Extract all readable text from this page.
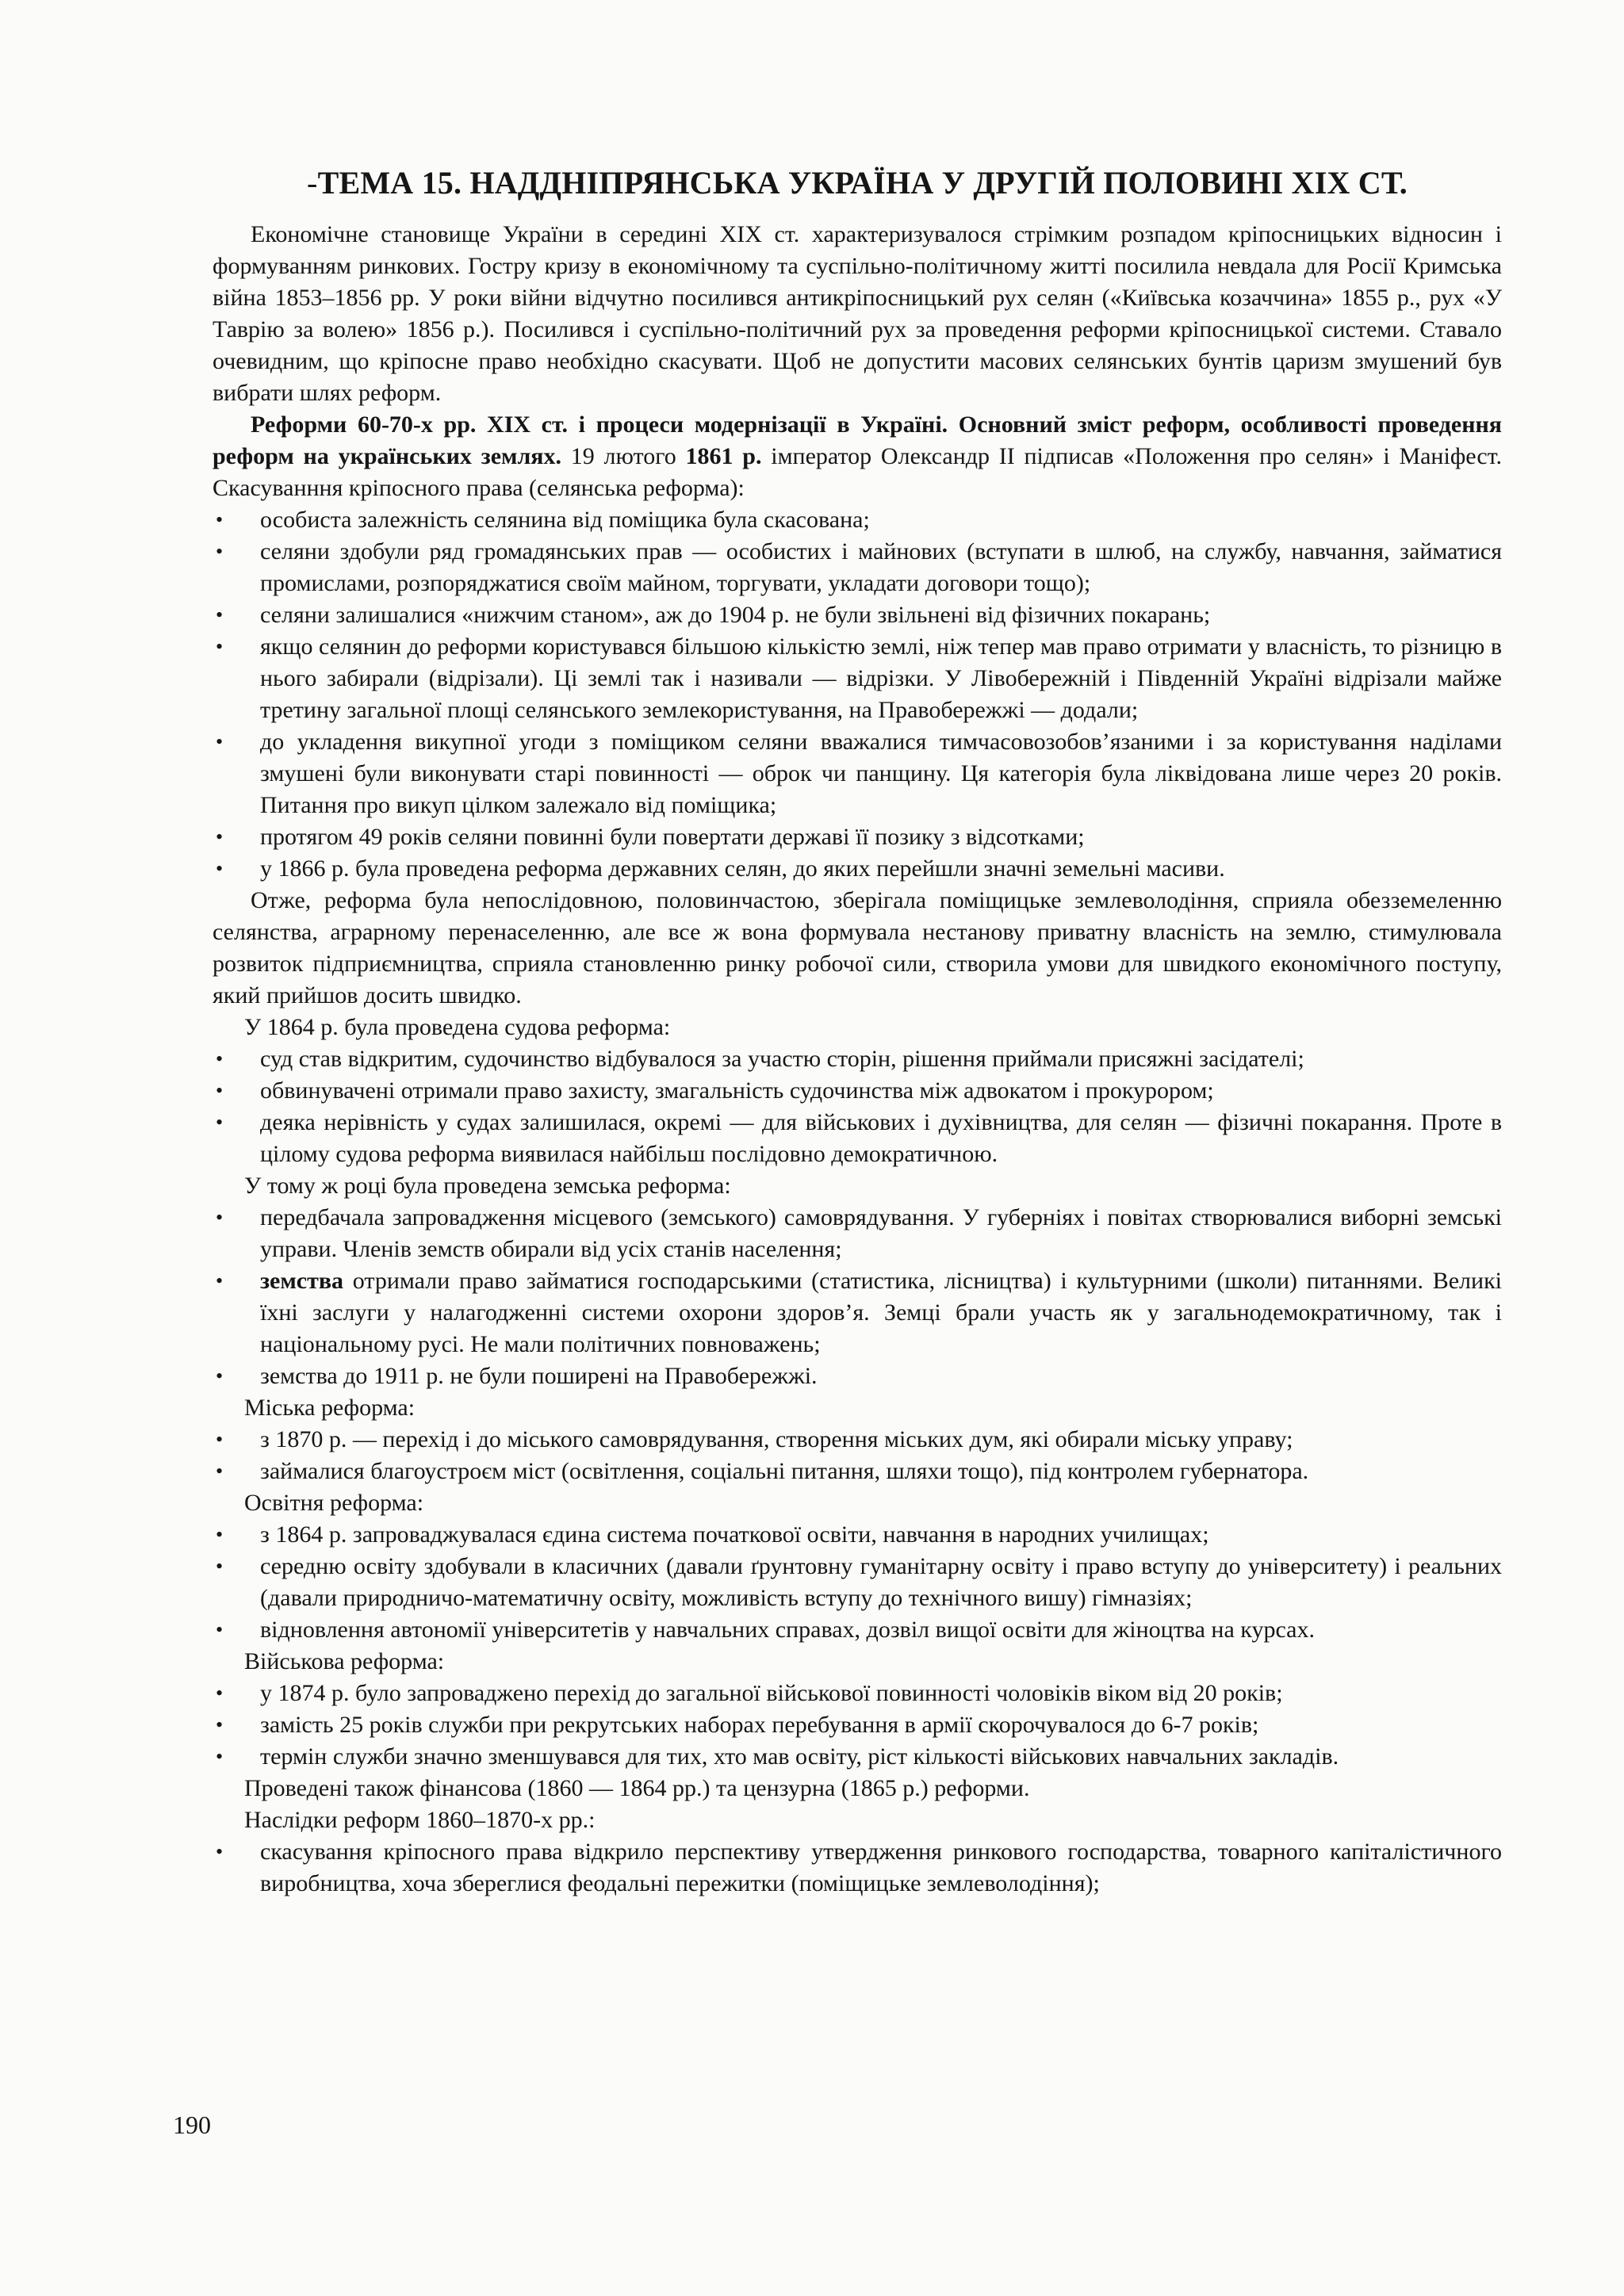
-ТЕМА 15. НАДДНІПРЯНСЬКА УКРАЇНА У ДРУГІЙ ПОЛОВИНІ XIX СТ.

Економічне становище України в середині XIX ст. характеризувалося стрімким розпадом кріпосницьких відносин і формуванням ринкових. Гостру кризу в економічному та суспільно-політичному житті посилила невдала для Росії Кримська війна 1853–1856 рр. У роки війни відчутно посилився антикріпосницький рух селян («Київська козаччина» 1855 р., рух «У Таврію за волею» 1856 р.). Посилився і суспільно-політичний рух за проведення реформи кріпосницької системи. Ставало очевидним, що кріпосне право необхідно скасувати. Щоб не допустити масових селянських бунтів царизм змушений був вибрати шлях реформ.

Реформи 60-70-х рр. XIX ст. і процеси модернізації в Україні. Основний зміст реформ, особливості проведення реформ на українських землях. 19 лютого 1861 р. імператор Олександр II підписав «Положення про селян» і Маніфест. Скасуванння кріпосного права (селянська реформа):

• особиста залежність селянина від поміщика була скасована;
• селяни здобули ряд громадянських прав — особистих і майнових (вступати в шлюб, на службу, навчання, займатися промислами, розпоряджатися своїм майном, торгувати, укладати договори тощо);
• селяни залишалися «нижчим станом», аж до 1904 р. не були звільнені від фізичних покарань;
• якщо селянин до реформи користувався більшою кількістю землі, ніж тепер мав право отримати у власність, то різницю в нього забирали (відрізали). Ці землі так і називали — відрізки. У Лівобережній і Південній Україні відрізали майже третину загальної площі селянського землекористування, на Правобережжі — додали;
• до укладення викупної угоди з поміщиком селяни вважалися тимчасовозобов’язаними і за користування наділами змушені були виконувати старі повинності — оброк чи панщину. Ця категорія була ліквідована лише через 20 років. Питання про викуп цілком залежало від поміщика;
• протягом 49 років селяни повинні були повертати державі її позику з відсотками;
• у 1866 р. була проведена реформа державних селян, до яких перейшли значні земельні масиви.

Отже, реформа була непослідовною, половинчастою, зберігала поміщицьке землеволодіння, сприяла обезземеленню селянства, аграрному перенаселенню, але все ж вона формувала нестанову приватну власність на землю, стимулювала розвиток підприємництва, сприяла становленню ринку робочої сили, створила умови для швидкого економічного поступу, який прийшов досить швидко.

У 1864 р. була проведена судова реформа:

• суд став відкритим, судочинство відбувалося за участю сторін, рішення приймали присяжні засідателі;
• обвинувачені отримали право захисту, змагальність судочинства між адвокатом і прокурором;
• деяка нерівність у судах залишилася, окремі — для військових і духівництва, для селян — фізичні покарання. Проте в цілому судова реформа виявилася найбільш послідовно демократичною.

У тому ж році була проведена земська реформа:

• передбачала запровадження місцевого (земського) самоврядування. У губерніях і повітах створювалися виборні земські управи. Членів земств обирали від усіх станів населення;
• земства отримали право займатися господарськими (статистика, лісництва) і культурними (школи) питаннями. Великі їхні заслуги у налагодженні системи охорони здоров’я. Земці брали участь як у загальнодемократичному, так і національному русі. Не мали політичних повноважень;
• земства до 1911 р. не були поширені на Правобережжі.

Міська реформа:

• з 1870 р. — перехід і до міського самоврядування, створення міських дум, які обирали міську управу;
• займалися благоустроєм міст (освітлення, соціальні питання, шляхи тощо), під контролем губернатора.

Освітня реформа:

• з 1864 р. запроваджувалася єдина система початкової освіти, навчання в народних училищах;
• середню освіту здобували в класичних (давали ґрунтовну гуманітарну освіту і право вступу до університету) і реальних (давали природничо-математичну освіту, можливість вступу до технічного вишу) гімназіях;
• відновлення автономії університетів у навчальних справах, дозвіл вищої освіти для жіноцтва на курсах.

Військова реформа:

• у 1874 р. було запроваджено перехід до загальної військової повинності чоловіків віком від 20 років;
• замість 25 років служби при рекрутських наборах перебування в армії скорочувалося до 6-7 років;
• термін служби значно зменшувався для тих, хто мав освіту, ріст кількості військових навчальних закладів.

Проведені також фінансова (1860 — 1864 рр.) та цензурна (1865 р.) реформи.

Наслідки реформ 1860–1870-х рр.:

• скасування кріпосного права відкрило перспективу утвердження ринкового господарства, товарного капіталістичного виробництва, хоча збереглися феодальні пережитки (поміщицьке землеволодіння);
190
